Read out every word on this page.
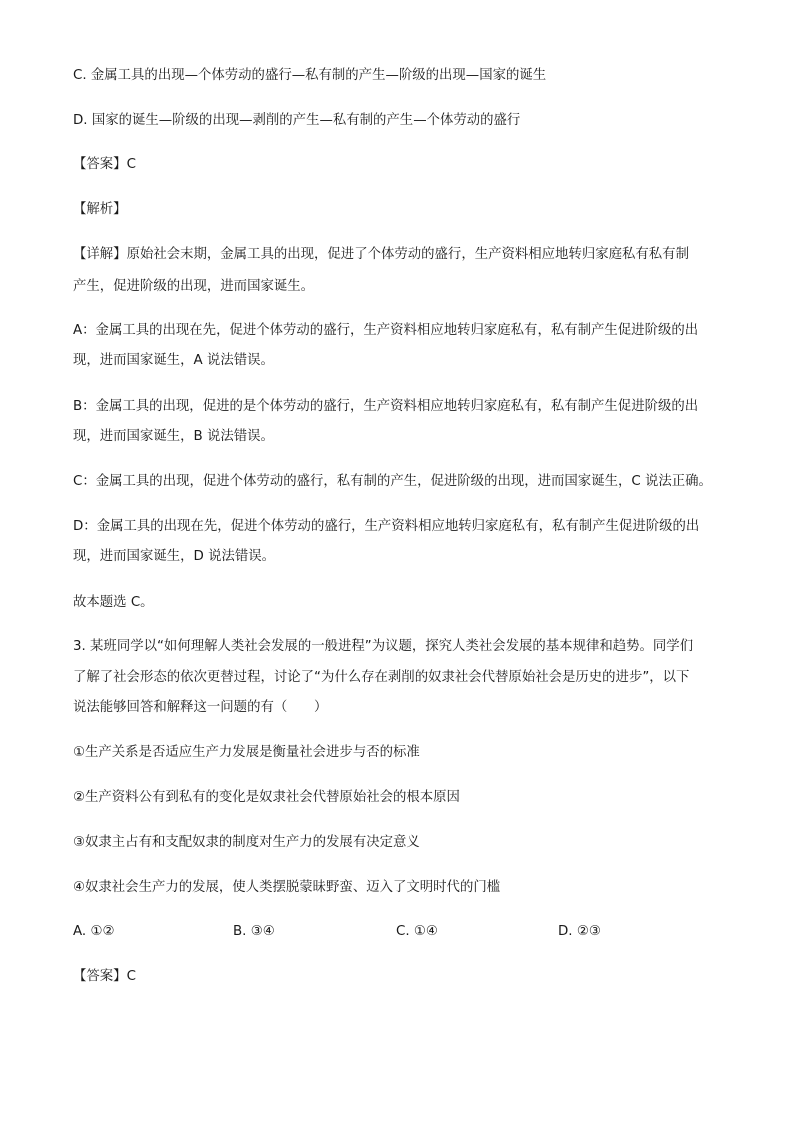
C. 金属工具的出现—个体劳动的盛行—私有制的产生—阶级的出现—国家的诞生
D. 国家的诞生—阶级的出现—剥削的产生—私有制的产生—个体劳动的盛行
【答案】C
【解析】
【详解】原始社会末期，金属工具的出现，促进了个体劳动的盛行，生产资料相应地转归家庭私有私有制
产生，促进阶级的出现，进而国家诞生。
A：金属工具的出现在先，促进个体劳动的盛行，生产资料相应地转归家庭私有，私有制产生促进阶级的出
现，进而国家诞生，A 说法错误。
B：金属工具的出现，促进的是个体劳动的盛行，生产资料相应地转归家庭私有，私有制产生促进阶级的出
现，进而国家诞生，B 说法错误。
C：金属工具的出现，促进个体劳动的盛行，私有制的产生，促进阶级的出现，进而国家诞生，C 说法正确。
D：金属工具的出现在先，促进个体劳动的盛行，生产资料相应地转归家庭私有，私有制产生促进阶级的出
现，进而国家诞生，D 说法错误。
故本题选 C。
3. 某班同学以“如何理解人类社会发展的一般进程”为议题，探究人类社会发展的基本规律和趋势。同学们
了解了社会形态的依次更替过程，讨论了“为什么存在剥削的奴隶社会代替原始社会是历史的进步”，以下
说法能够回答和解释这一问题的有（　　）
①生产关系是否适应生产力发展是衡量社会进步与否的标准
②生产资料公有到私有的变化是奴隶社会代替原始社会的根本原因
③奴隶主占有和支配奴隶的制度对生产力的发展有决定意义
④奴隶社会生产力的发展，使人类摆脱蒙昧野蛮、迈入了文明时代的门槛
A. ①②	B. ③④	C. ①④	D. ②③
【答案】C
